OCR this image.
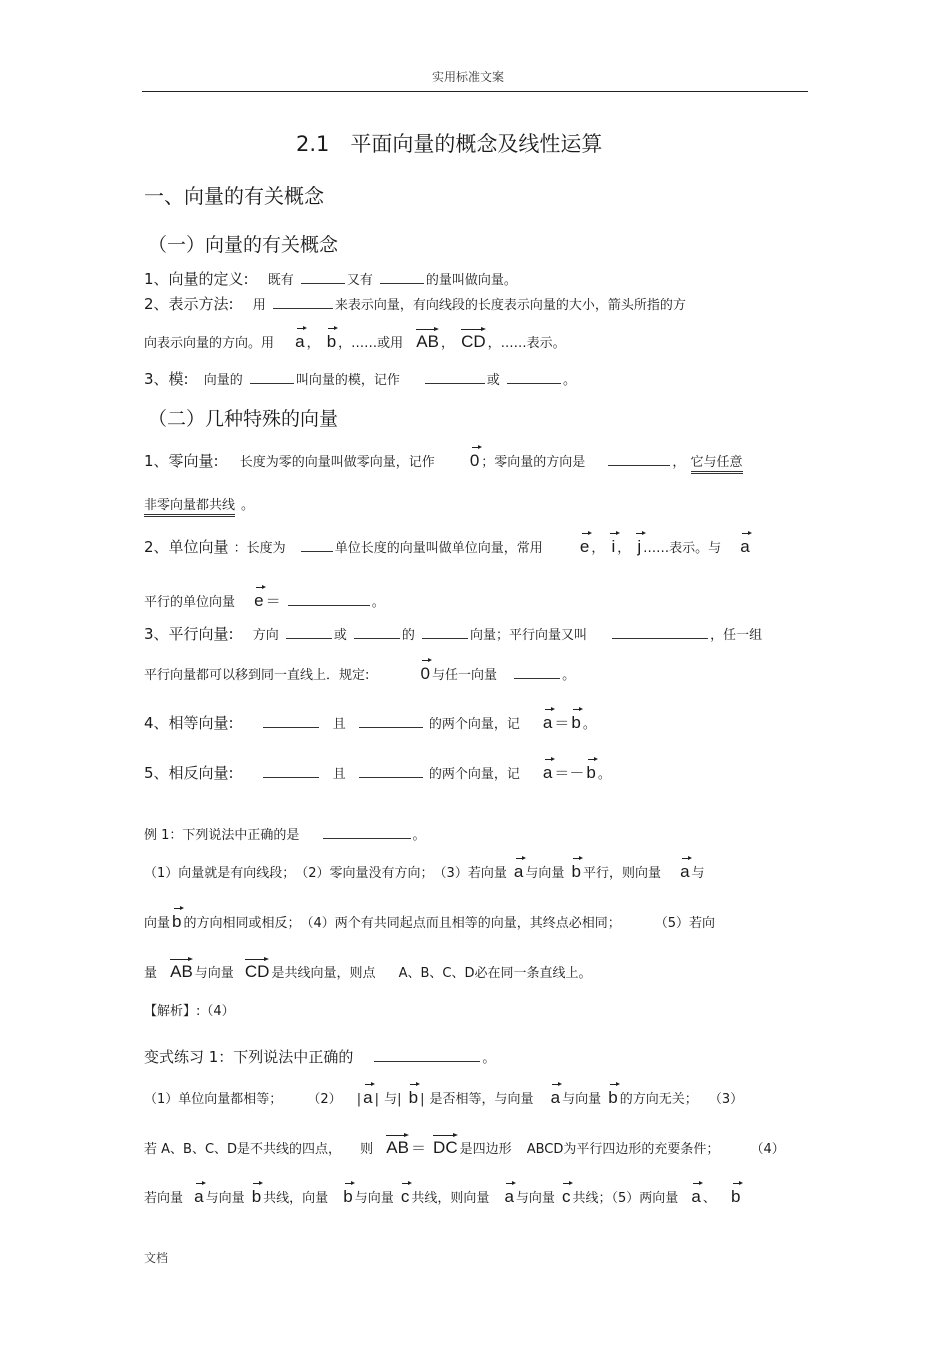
实用标准文案
2.1　平面向量的概念及线性运算
一、向量的有关概念
（一）向量的有关概念
1、向量的定义: 既有	又有	的量叫做向量。
2、表示方法: 用	来表示向量，有向线段的长度表示向量的大小，箭头所指的方
向表示向量的方向。用 a ， b ，……或用 AB ， CD ，……表示。
3、模: 向量的	叫向量的模，记作	或	。
（二）几种特殊的向量
1、零向量: 长度为零的向量叫做零向量，记作 0 ；零向量的方向是	， 它与任意
非零向量都共线 。
2、单位向量 ：长度为	单位长度的向量叫做单位向量，常用 e ， i ， j ……表示。与 a
平行的单位向量 e ＝	。
3、平行向量: 方向	或	的	向量；平行向量又叫	，任一组
平行向量都可以移到同一直线上．规定:	0 与任一向量	。
4、相等向量:	且	的两个向量，记 a ＝ b 。
5、相反向量:	且	的两个向量，记 a ＝－ b 。
例 1：下列说法中正确的是	。
（1）向量就是有向线段；　（2）零向量没有方向；　（3）若向量 a 与向量 b 平行，则向量 a 与
向量 b 的方向相同或相反；　（4）两个有共同起点而且相等的向量，其终点必相同；	（5）若向
量 AB 与向量 CD 是共线向量，则点 A、B、C、D必在同一条直线上。
【解析】:（4）
变式练习 1：下列说法中正确的	。
（1）单位向量都相等； （2） | a | 与| b | 是否相等，与向量 a 与向量 b 的方向无关； （3）
若 A、B、C、D是不共线的四点， 则 AB ＝ DC 是四边形 ABCD为平行四边形的充要条件； （4）
若向量 a 与向量 b 共线，向量 b 与向量 c 共线，则向量 a 与向量 c 共线；（5）两向量 a 、 b
文档
